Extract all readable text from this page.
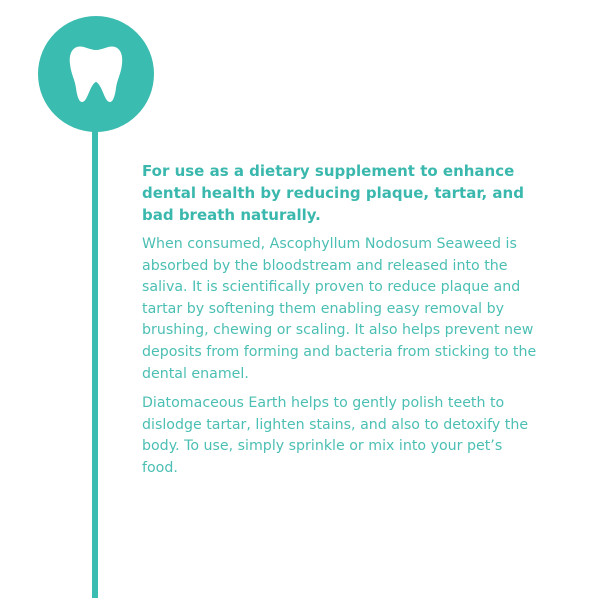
For use as a dietary supplement to enhance dental health by reducing plaque, tartar, and bad breath naturally.

When consumed, Ascophyllum Nodosum Seaweed is absorbed by the bloodstream and released into the saliva. It is scientifically proven to reduce plaque and tartar by softening them enabling easy removal by brushing, chewing or scaling. It also helps prevent new deposits from forming and bacteria from sticking to the dental enamel.

Diatomaceous Earth helps to gently polish teeth to dislodge tartar, lighten stains, and also to detoxify the body. To use, simply sprinkle or mix into your pet’s food.
